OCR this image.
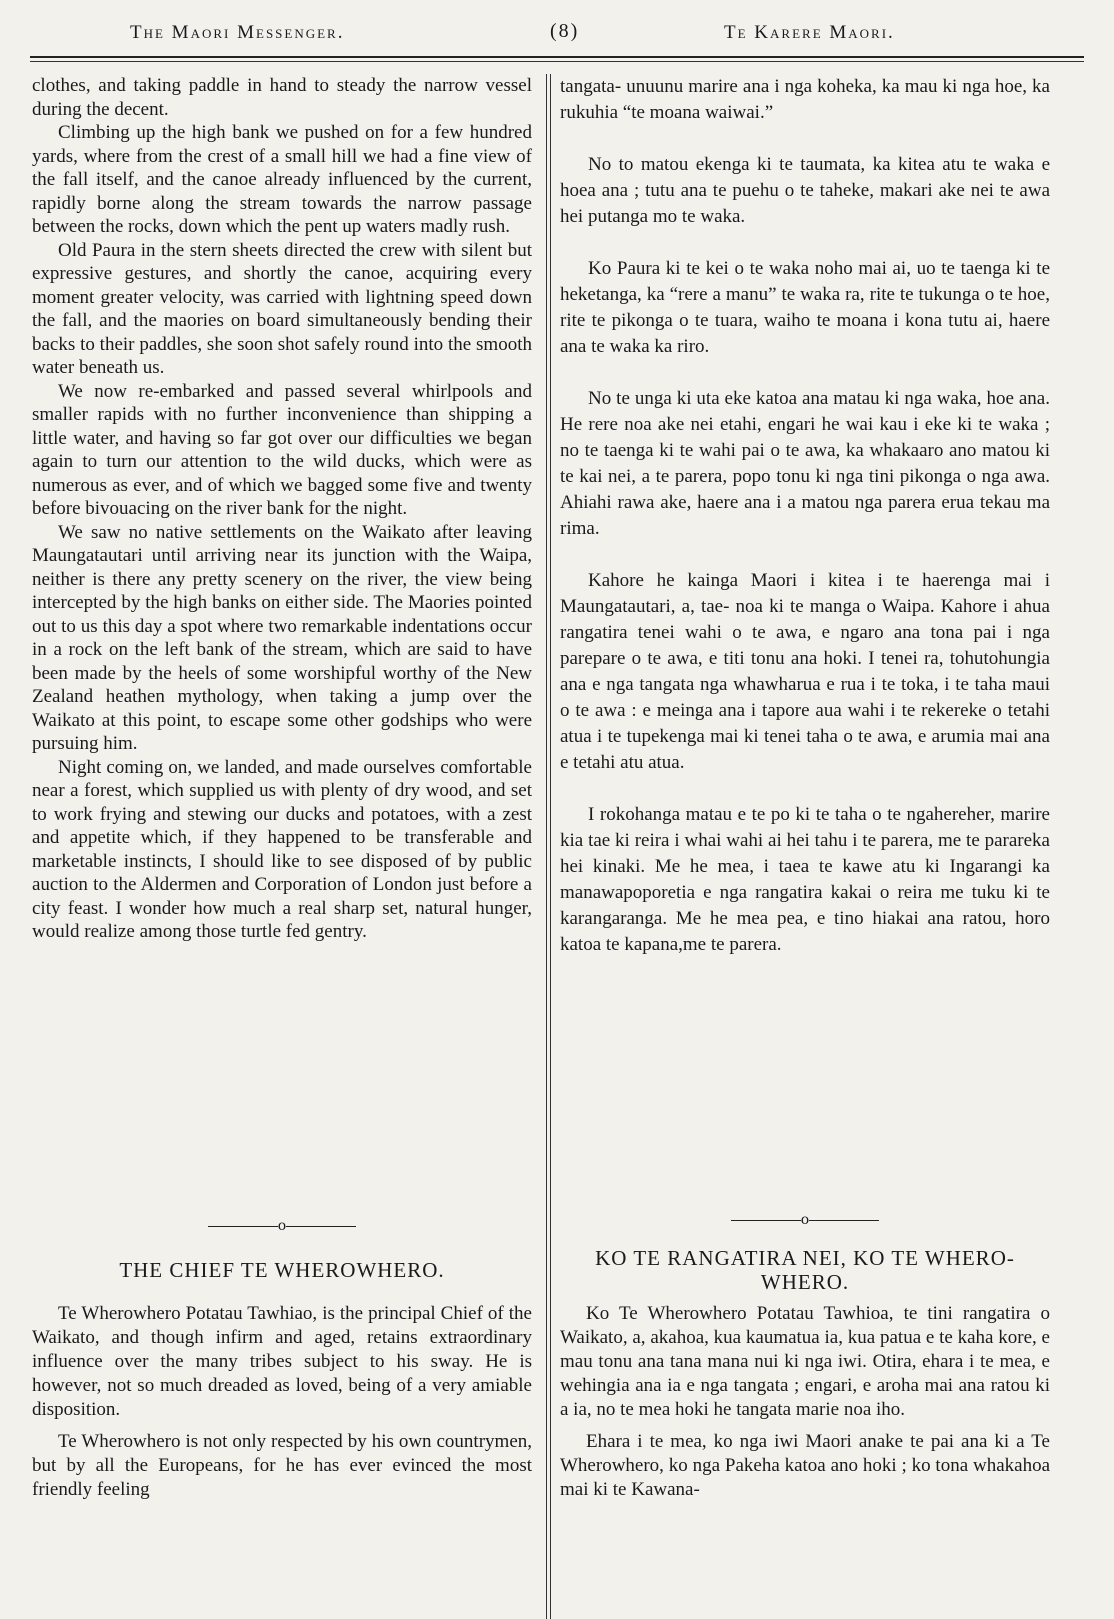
The Maori Messenger.	(8)	Te Karere Maori.

clothes, and taking paddle in hand to steady the narrow vessel during the decent.

Climbing up the high bank we pushed on for a few hundred yards, where from the crest of a small hill we had a fine view of the fall itself, and the canoe already influenced by the current, rapidly borne along the stream towards the narrow passage between the rocks, down which the pent up waters madly rush.

Old Paura in the stern sheets directed the crew with silent but expressive gestures, and shortly the canoe, acquiring every moment greater velocity, was carried with lightning speed down the fall, and the maories on board simultaneously bending their backs to their paddles, she soon shot safely round into the smooth water beneath us.

We now re-embarked and passed several whirlpools and smaller rapids with no further inconvenience than shipping a little water, and having so far got over our difficulties we began again to turn our attention to the wild ducks, which were as numerous as ever, and of which we bagged some five and twenty before bivouacing on the river bank for the night.

We saw no native settlements on the Waikato after leaving Maungatautari until arriving near its junction with the Waipa, neither is there any pretty scenery on the river, the view being intercepted by the high banks on either side. The Maories pointed out to us this day a spot where two remarkable indentations occur in a rock on the left bank of the stream, which are said to have been made by the heels of some worshipful worthy of the New Zealand heathen mythology, when taking a jump over the Waikato at this point, to escape some other godships who were pursuing him.

Night coming on, we landed, and made ourselves comfortable near a forest, which supplied us with plenty of dry wood, and set to work frying and stewing our ducks and potatoes, with a zest and appetite which, if they happened to be transferable and marketable instincts, I should like to see disposed of by public auction to the Aldermen and Corporation of London just before a city feast. I wonder how much a real sharp set, natural hunger, would realize among those turtle fed gentry.

tangata- unuunu marire ana i nga koheka, ka mau ki nga hoe, ka rukuhia “te moana waiwai.”

No to matou ekenga ki te taumata, ka kitea atu te waka e hoea ana ; tutu ana te puehu o te taheke, makari ake nei te awa hei putanga mo te waka.

Ko Paura ki te kei o te waka noho mai ai, uo te taenga ki te heketanga, ka “rere a manu” te waka ra, rite te tukunga o te hoe, rite te pikonga o te tuara, waiho te moana i kona tutu ai, haere ana te waka ka riro.

No te unga ki uta eke katoa ana matau ki nga waka, hoe ana. He rere noa ake nei etahi, engari he wai kau i eke ki te waka ; no te taenga ki te wahi pai o te awa, ka whakaaro ano matou ki te kai nei, a te parera, popo tonu ki nga tini pikonga o nga awa. Ahiahi rawa ake, haere ana i a matou nga parera erua tekau ma rima.

Kahore he kainga Maori i kitea i te haerenga mai i Maungatautari, a, tae- noa ki te manga o Waipa. Kahore i ahua rangatira tenei wahi o te awa, e ngaro ana tona pai i nga parepare o te awa, e titi tonu ana hoki. I tenei ra, tohutohungia ana e nga tangata nga whawharua e rua i te toka, i te taha maui o te awa : e meinga ana i tapore aua wahi i te rekereke o tetahi atua i te tupekenga mai ki tenei taha o te awa, e arumia mai ana e tetahi atu atua.

I rokohanga matau e te po ki te taha o te ngahereher, marire kia tae ki reira i whai wahi ai hei tahu i te parera, me te parareka hei kinaki. Me he mea, i taea te kawe atu ki Ingarangi ka manawapoporetia e nga rangatira kakai o reira me tuku ki te karangaranga. Me he mea pea, e tino hiakai ana ratou, horo katoa te kapana,me te parera.

o	o
THE CHIEF TE WHEROWHERO.	KO TE RANGATIRA NEI, KO TE WHERO-WHERO.

Te Wherowhero Potatau Tawhiao, is the principal Chief of the Waikato, and though infirm and aged, retains extraordinary influence over the many tribes subject to his sway. He is however, not so much dreaded as loved, being of a very amiable disposition.

Te Wherowhero is not only respected by his own countrymen, but by all the Europeans, for he has ever evinced the most friendly feeling

Ko Te Wherowhero Potatau Tawhioa, te tini rangatira o Waikato, a, akahoa, kua kaumatua ia, kua patua e te kaha kore, e mau tonu ana tana mana nui ki nga iwi. Otira, ehara i te mea, e wehingia ana ia e nga tangata ; engari, e aroha mai ana ratou ki a ia, no te mea hoki he tangata marie noa iho.

Ehara i te mea, ko nga iwi Maori anake te pai ana ki a Te Wherowhero, ko nga Pakeha katoa ano hoki ; ko tona whakahoa mai ki te Kawana-
